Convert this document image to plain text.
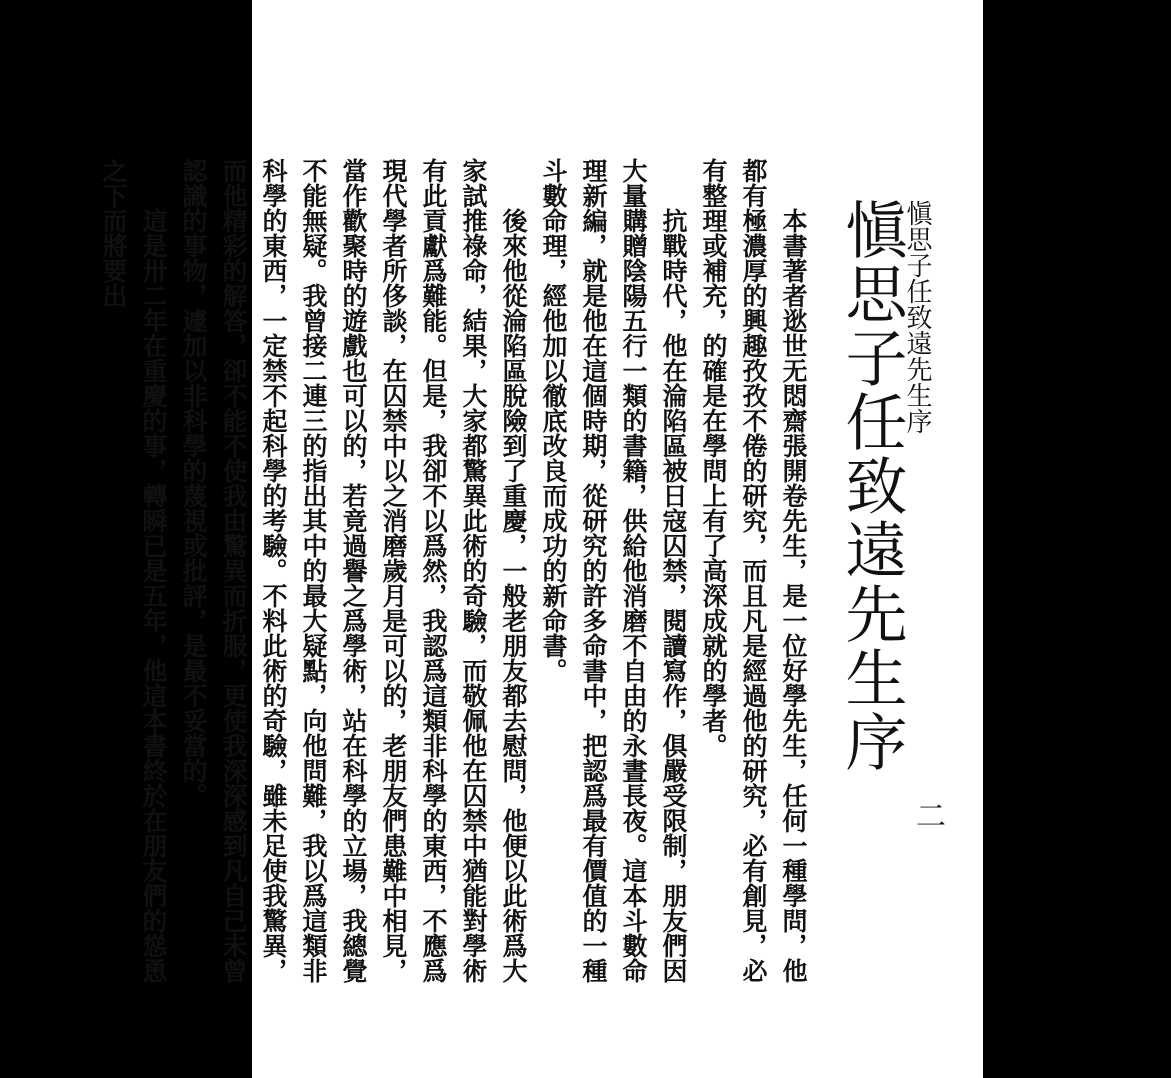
愼思子任致遠先生序
二
愼思子任致遠先生序

本書著者逖世无悶齋張開卷先生，是一位好學先生，任何一種學問，他都有極濃厚的興趣孜孜不倦的研究，而且凡是經過他的研究，必有創見，必有整理或補充，的確是在學問上有了高深成就的學者。

抗戰時代，他在淪陷區被日寇囚禁，閱讀寫作，俱嚴受限制，朋友們因大量購贈陰陽五行一類的書籍，供給他消磨不自由的永晝長夜。這本斗數命理新編，就是他在這個時期，從研究的許多命書中，把認爲最有價值的一種斗數命理，經他加以徹底改良而成功的新命書。

後來他從淪陷區脫險到了重慶，一般老朋友都去慰問，他便以此術爲大家試推祿命，結果，大家都驚異此術的奇驗，而敬佩他在囚禁中猶能對學術有此貢獻爲難能。但是，我卻不以爲然，我認爲這類非科學的東西，不應爲現代學者所侈談，在囚禁中以之消磨歲月是可以的，老朋友們患難中相見，當作歡聚時的遊戲也可以的，若竟過譽之爲學術，站在科學的立場，我總覺不能無疑。我曾接二連三的指出其中的最大疑點，向他問難，我以爲這類非科學的東西，一定禁不起科學的考驗。不料此術的奇驗，雖未足使我驚異，而他精彩的解答，卻不能不使我由驚異而折服，更使我深深感到凡自己未曾認識的事物，遽加以非科學的蔑視或批評，是最不妥當的。

這是卅二年在重慶的事，轉瞬已是五年，他這本書終於在朋友們的慫恿之下而將要出
